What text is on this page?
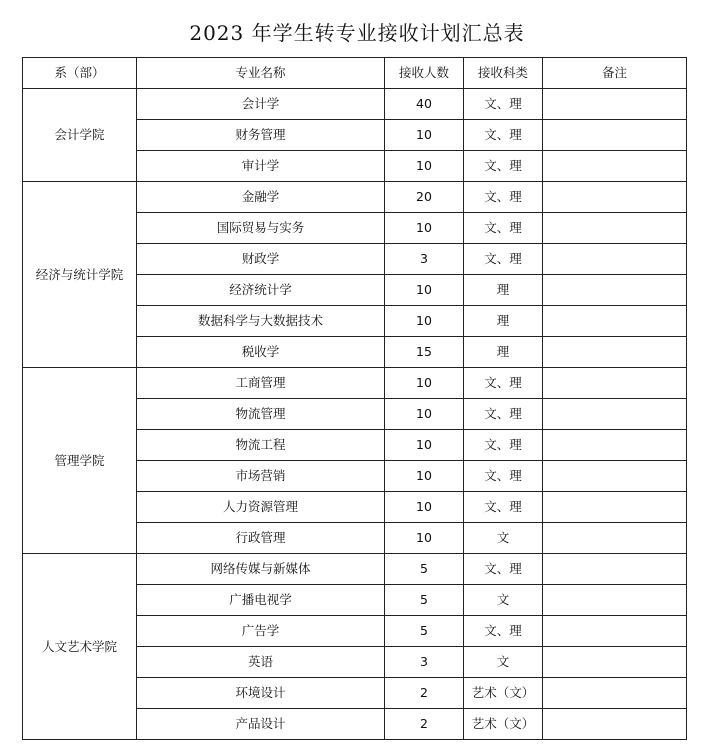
2023 年学生转专业接收计划汇总表
系（部）	专业名称	接收人数	接收科类	备注
会计学院	会计学	40	文、理	
	财务管理	10	文、理	
	审计学	10	文、理	
经济与统计学院	金融学	20	文、理	
	国际贸易与实务	10	文、理	
	财政学	3	文、理	
	经济统计学	10	理	
	数据科学与大数据技术	10	理	
	税收学	15	理	
管理学院	工商管理	10	文、理	
	物流管理	10	文、理	
	物流工程	10	文、理	
	市场营销	10	文、理	
	人力资源管理	10	文、理	
	行政管理	10	文	
人文艺术学院	网络传媒与新媒体	5	文、理	
	广播电视学	5	文	
	广告学	5	文、理	
	英语	3	文	
	环境设计	2	艺术（文）	
	产品设计	2	艺术（文）	
